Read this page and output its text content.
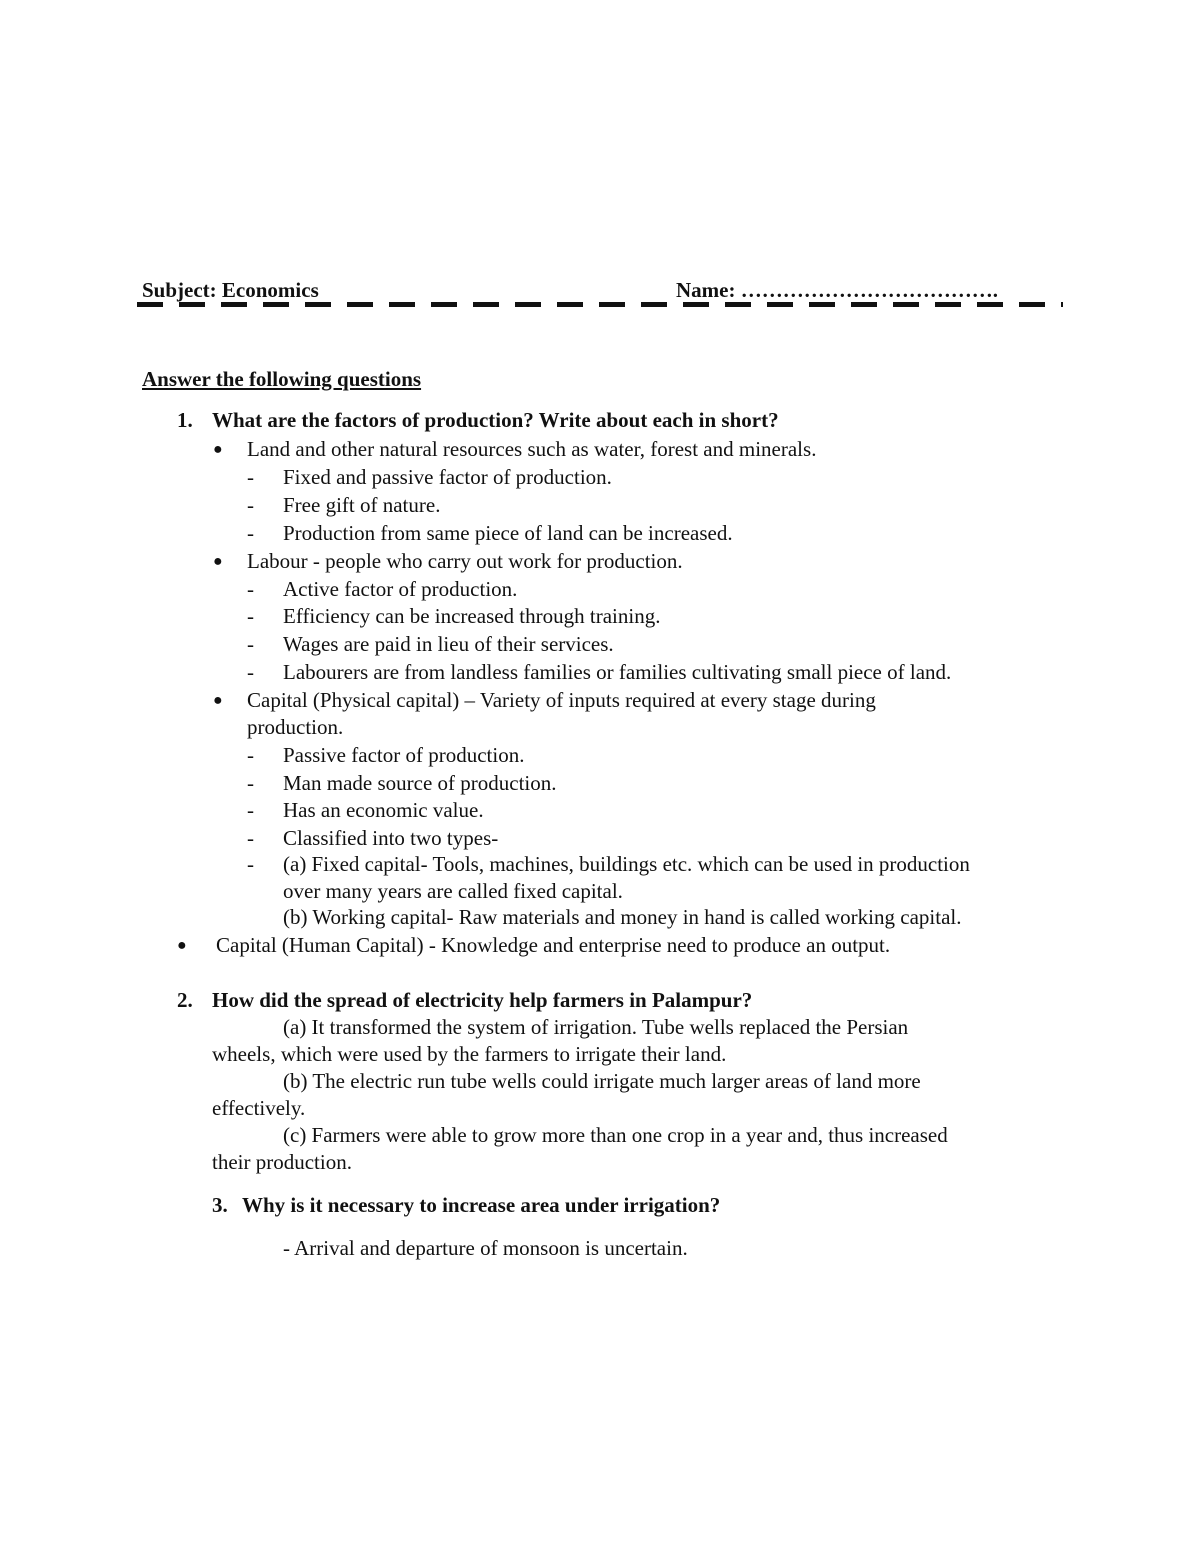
Subject: Economics	Name: ……………………………….
Answer the following questions
1. What are the factors of production? Write about each in short?
● Land and other natural resources such as water, forest and minerals.
- Fixed and passive factor of production.
- Free gift of nature.
- Production from same piece of land can be increased.
● Labour - people who carry out work for production.
- Active factor of production.
- Efficiency can be increased through training.
- Wages are paid in lieu of their services.
- Labourers are from landless families or families cultivating small piece of land.
● Capital (Physical capital) – Variety of inputs required at every stage during
production.
- Passive factor of production.
- Man made source of production.
- Has an economic value.
- Classified into two types-
- (a) Fixed capital- Tools, machines, buildings etc. which can be used in production
over many years are called fixed capital.
(b) Working capital- Raw materials and money in hand is called working capital.
● Capital (Human Capital) - Knowledge and enterprise need to produce an output.
2. How did the spread of electricity help farmers in Palampur?
(a) It transformed the system of irrigation. Tube wells replaced the Persian
wheels, which were used by the farmers to irrigate their land.
(b) The electric run tube wells could irrigate much larger areas of land more
effectively.
(c) Farmers were able to grow more than one crop in a year and, thus increased
their production.
3. Why is it necessary to increase area under irrigation?
- Arrival and departure of monsoon is uncertain.
